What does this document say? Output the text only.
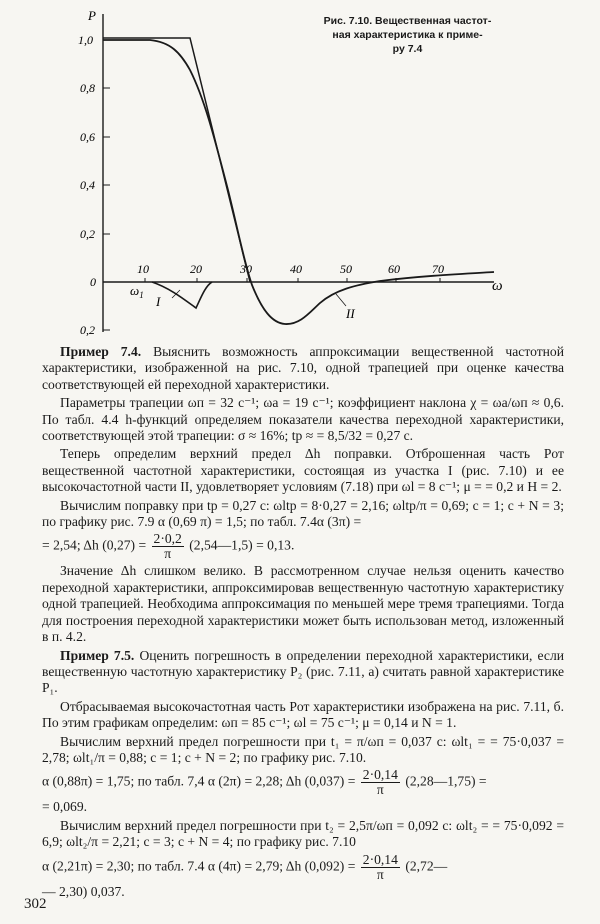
P
ω
1,0
0,8
0,6
0,4
0,2
0
0,2
10	20	30	40	50	60	70
$\omega_1$ I
II
Рис. 7.10. Вещественная частот-
ная характеристика к приме-
ру 7.4

Пример 7.4. Выяснить возможность аппроксимации вещественной частотной характеристики, изображенной на рис. 7.10, одной трапецией при оценке качества соответствующей ей переходной характеристики.

Параметры трапеции ωп = 32 с⁻¹; ωа = 19 с⁻¹; коэффициент наклона χ = ωа/ωп ≈ 0,6. По табл. 4.4 h-функций определяем показатели качества переходной характеристики, соответствующей этой трапеции: σ ≈ 16%; tр ≈ = 8,5/32 = 0,27 с.

Теперь определим верхний предел Δh поправки. Отброшенная часть Pот вещественной частотной характеристики, состоящая из участка I (рис. 7.10) и ее высокочастотной части II, удовлетворяет условиям (7.18) при ωl = 8 с⁻¹; μ = = 0,2 и H = 2.

Вычислим поправку при tр = 0,27 с: ωltр = 8·0,27 = 2,16; ωltр/π = 0,69; c = 1; c + N = 3; по графику рис. 7.9 α (0,69 π) = 1,5; по табл. 7.4α (3π) =

= 2,54; Δh $(0,27) = \frac{2\cdot 0,2}{\pi}$ (2,54—1,5) = 0,13.

Значение Δh слишком велико. В рассмотренном случае нельзя оценить качество переходной характеристики, аппроксимировав вещественную частотную характеристику одной трапецией. Необходима аппроксимация по меньшей мере тремя трапециями. Тогда для построения переходной характеристики может быть использован метод, изложенный в п. 4.2.

Пример 7.5. Оценить погрешность в определении переходной характеристики, если вещественную частотную характеристику P₂ (рис. 7.11, а) считать равной характеристике P₁.

Отбрасываемая высокочастотная часть Pот характеристики изображена на рис. 7.11, б. По этим графикам определим: ωп = 85 с⁻¹; ωl = 75 с⁻¹; μ = 0,14 и N = 1.

Вычислим верхний предел погрешности при t₁ = π/ωп = 0,037 с: ωlt₁ = = 75·0,037 = 2,78; ωlt₁/π = 0,88; c = 1; c + N = 2; по графику рис. 7.10.

α (0,88π) = 1,75; по табл. 7,4 α (2π) = 2,28; Δh $(0,037) = \frac{2\cdot 0,14}{\pi}$ (2,28—1,75) =

= 0,069.

Вычислим верхний предел погрешности при t₂ = 2,5π/ωп = 0,092 с: ωlt₂ = = 75·0,092 = 6,9; ωlt₂/π = 2,21; c = 3; c + N = 4; по графику рис. 7.10

α (2,21π) = 2,30; по табл. 7.4 α (4π) = 2,79; Δh $(0,092) = \frac{2\cdot 0,14}{\pi}$ (2,72—

— 2,30) 0,037.

302
